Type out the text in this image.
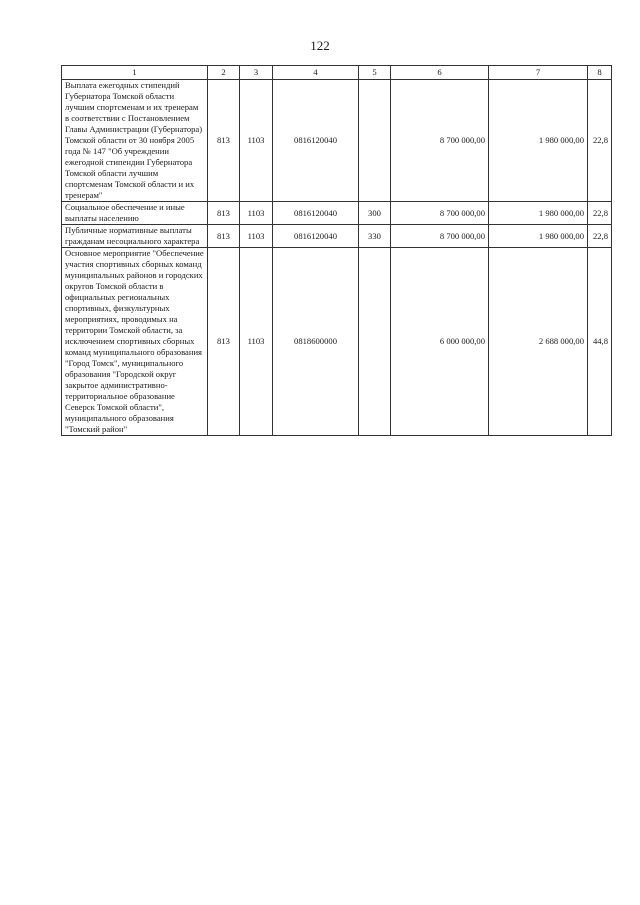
122
1	2	3	4	5	6	7	8
Выплата ежегодных стипендий Губернатора Томской области лучшим спортсменам и их тренерам в соответствии с Постановлением Главы Администрации (Губернатора) Томской области от 30 ноября 2005 года № 147 "Об учреждении ежегодной стипендии Губернатора Томской области лучшим спортсменам Томской области и их тренерам"	813	1103	0816120040		8 700 000,00	1 980 000,00	22,8
Социальное обеспечение и иные выплаты населению	813	1103	0816120040	300	8 700 000,00	1 980 000,00	22,8
Публичные нормативные выплаты гражданам несоциального характера	813	1103	0816120040	330	8 700 000,00	1 980 000,00	22,8
Основное мероприятие "Обеспечение участия спортивных сборных команд муниципальных районов и городских округов Томской области в официальных региональных спортивных, физкультурных мероприятиях, проводимых на территории Томской области, за исключением спортивных сборных команд муниципального образования "Город Томск", муниципального образования "Городской округ закрытое административно-территориальное образование Северск Томской области", муниципального образования "Томский район"	813	1103	0818600000		6 000 000,00	2 688 000,00	44,8
